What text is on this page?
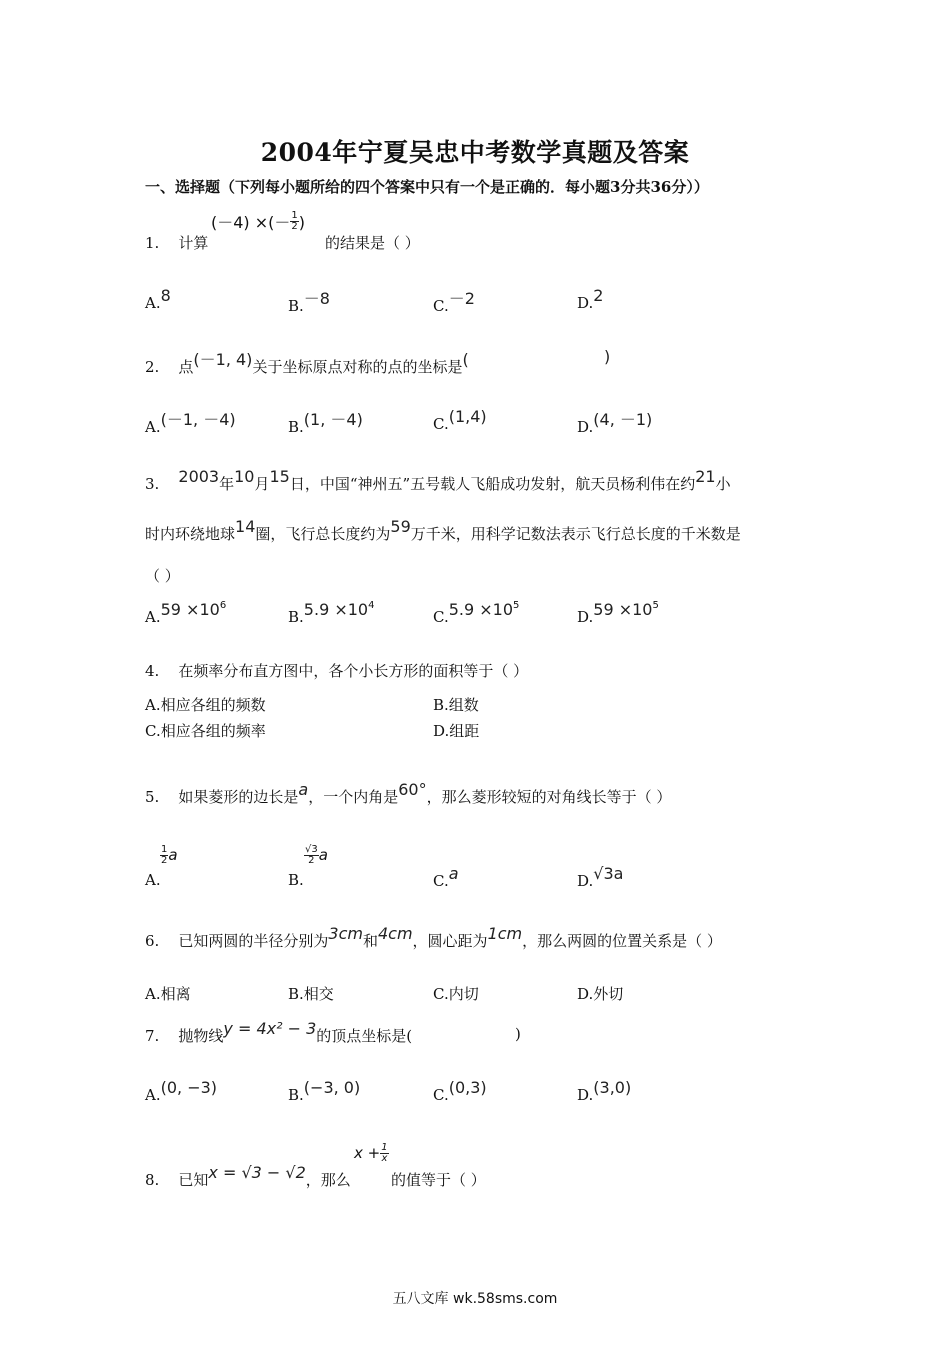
2004年宁夏吴忠中考数学真题及答案
一、选择题（下列每小题所给的四个答案中只有一个是正确的．每小题3分共36分））
1. 计算
(－4) ×(－ $\frac{1}{2}$ )
的结果是（ ）
A.8
B.－8	C.－2	D.2
2. 点(－1, 4)关于坐标原点对称的点的坐标是(	)
A.(－1, －4)	B.(1, －4)	C.(1,4)
D.(4, －1)
3. 2003年10月15日，中国“神州五”五号载人飞船成功发射，航天员杨利伟在约21小
时内环绕地球14圈，飞行总长度约为59万千米，用科学记数法表示飞行总长度的千米数是
（ ）
$A.59 \times 10^6$
$B.5.9 \times 10^4$
$C.5.9 \times 10^5$
$D.59 \times 10^5$
4. 在频率分布直方图中，各个小长方形的面积等于（ ）
A.相应各组的频数	B.组数
C.相应各组的频率	D.组距
5. 如果菱形的边长是a，一个内角是60°，那么菱形较短的对角线长等于（ ）
A.
$\frac{1}{2}$ a
B.
$\frac{√3}{2}$ a
C.a	D.√3a
6. 已知两圆的半径分别为3cm和4cm，圆心距为1cm，那么两圆的位置关系是（ ）
A.相离	B.相交	C.内切	D.外切
7. 抛物线y = 4x² − 3的顶点坐标是(	)
A.(0, −3)	B.(−3, 0)	C.(0,3)	D.(3,0)
8. 已知x = √3 − √2，那么
$x + \frac{1}{x}$
的值等于（ ）
五八文库 wk.58sms.com
